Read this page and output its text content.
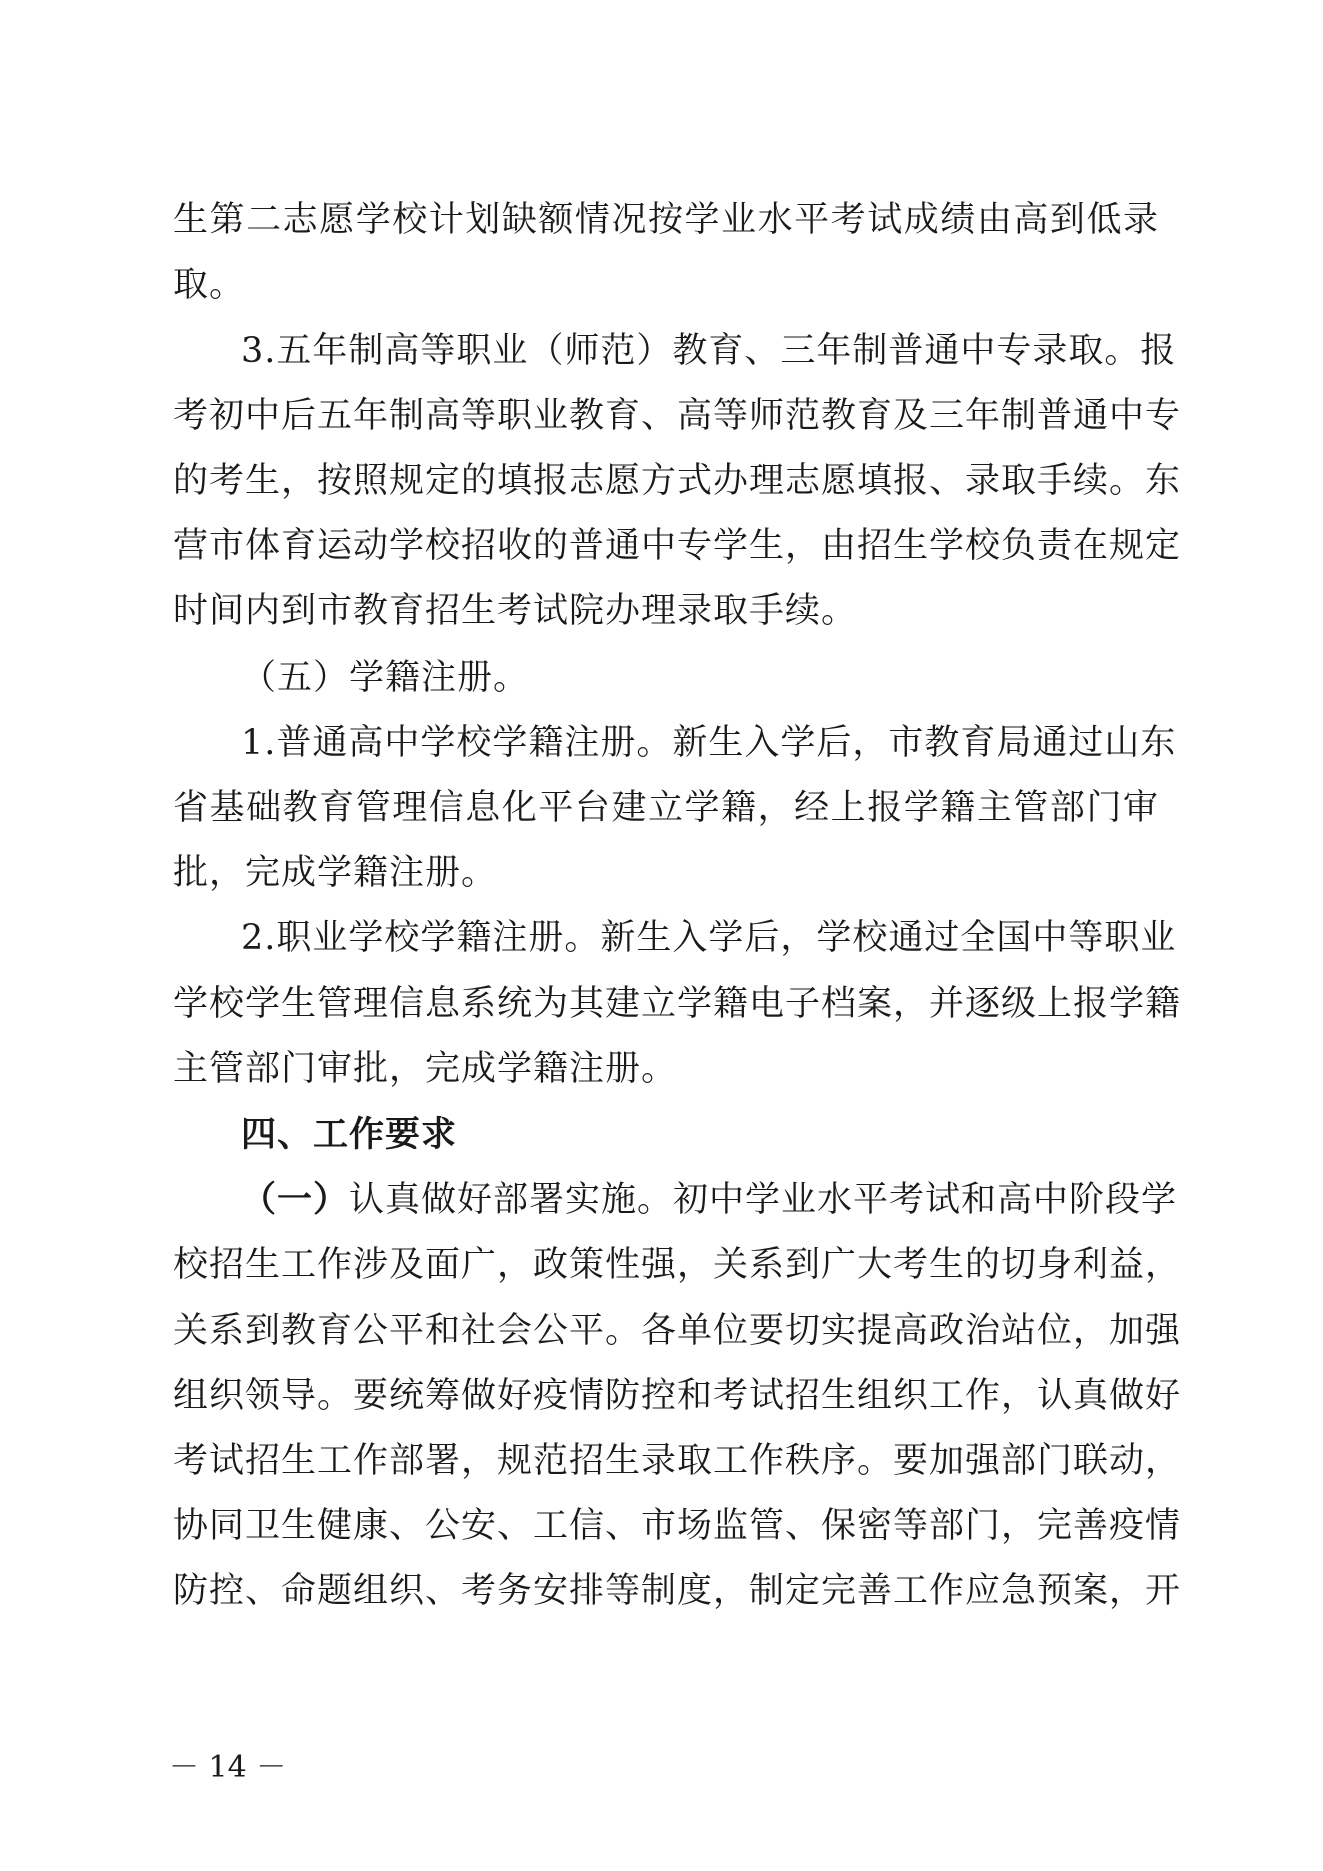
生第二志愿学校计划缺额情况按学业水平考试成绩由高到低录
取。
3.五年制高等职业（师范）教育、三年制普通中专录取。报
考初中后五年制高等职业教育、高等师范教育及三年制普通中专
的考生，按照规定的填报志愿方式办理志愿填报、录取手续。东
营市体育运动学校招收的普通中专学生，由招生学校负责在规定
时间内到市教育招生考试院办理录取手续。
（五）学籍注册。
1.普通高中学校学籍注册。新生入学后，市教育局通过山东
省基础教育管理信息化平台建立学籍，经上报学籍主管部门审
批，完成学籍注册。
2.职业学校学籍注册。新生入学后，学校通过全国中等职业
学校学生管理信息系统为其建立学籍电子档案，并逐级上报学籍
主管部门审批，完成学籍注册。
四、工作要求
（一）认真做好部署实施。初中学业水平考试和高中阶段学
校招生工作涉及面广，政策性强，关系到广大考生的切身利益，
关系到教育公平和社会公平。各单位要切实提高政治站位，加强
组织领导。要统筹做好疫情防控和考试招生组织工作，认真做好
考试招生工作部署，规范招生录取工作秩序。要加强部门联动，
协同卫生健康、公安、工信、市场监管、保密等部门，完善疫情
防控、命题组织、考务安排等制度，制定完善工作应急预案，开
－ 14 －
